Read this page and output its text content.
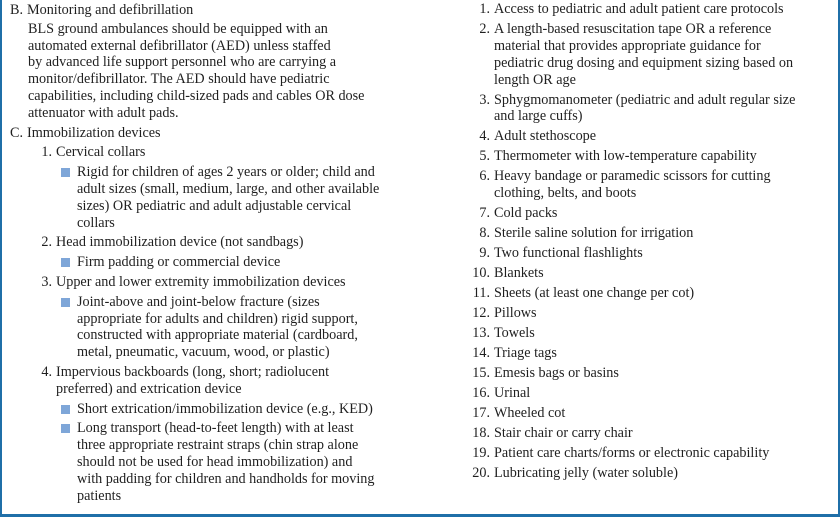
B. Monitoring and defibrillation
BLS ground ambulances should be equipped with an
automated external defibrillator (AED) unless staffed
by advanced life support personnel who are carrying a
monitor/defibrillator. The AED should have pediatric
capabilities, including child-sized pads and cables OR dose
attenuator with adult pads.
C. Immobilization devices
1. Cervical collars
Rigid for children of ages 2 years or older; child and
adult sizes (small, medium, large, and other available
sizes) OR pediatric and adult adjustable cervical
collars
2. Head immobilization device (not sandbags)
Firm padding or commercial device
3. Upper and lower extremity immobilization devices
Joint-above and joint-below fracture (sizes
appropriate for adults and children) rigid support,
constructed with appropriate material (cardboard,
metal, pneumatic, vacuum, wood, or plastic)
4. Impervious backboards (long, short; radiolucent
preferred) and extrication device
Short extrication/immobilization device (e.g., KED)
Long transport (head-to-feet length) with at least
three appropriate restraint straps (chin strap alone
should not be used for head immobilization) and
with padding for children and handholds for moving
patients
1. Access to pediatric and adult patient care protocols
2. A length-based resuscitation tape OR a reference
material that provides appropriate guidance for
pediatric drug dosing and equipment sizing based on
length OR age
3. Sphygmomanometer (pediatric and adult regular size
and large cuffs)
4. Adult stethoscope
5. Thermometer with low-temperature capability
6. Heavy bandage or paramedic scissors for cutting
clothing, belts, and boots
7. Cold packs
8. Sterile saline solution for irrigation
9. Two functional flashlights
10. Blankets
11. Sheets (at least one change per cot)
12. Pillows
13. Towels
14. Triage tags
15. Emesis bags or basins
16. Urinal
17. Wheeled cot
18. Stair chair or carry chair
19. Patient care charts/forms or electronic capability
20. Lubricating jelly (water soluble)
